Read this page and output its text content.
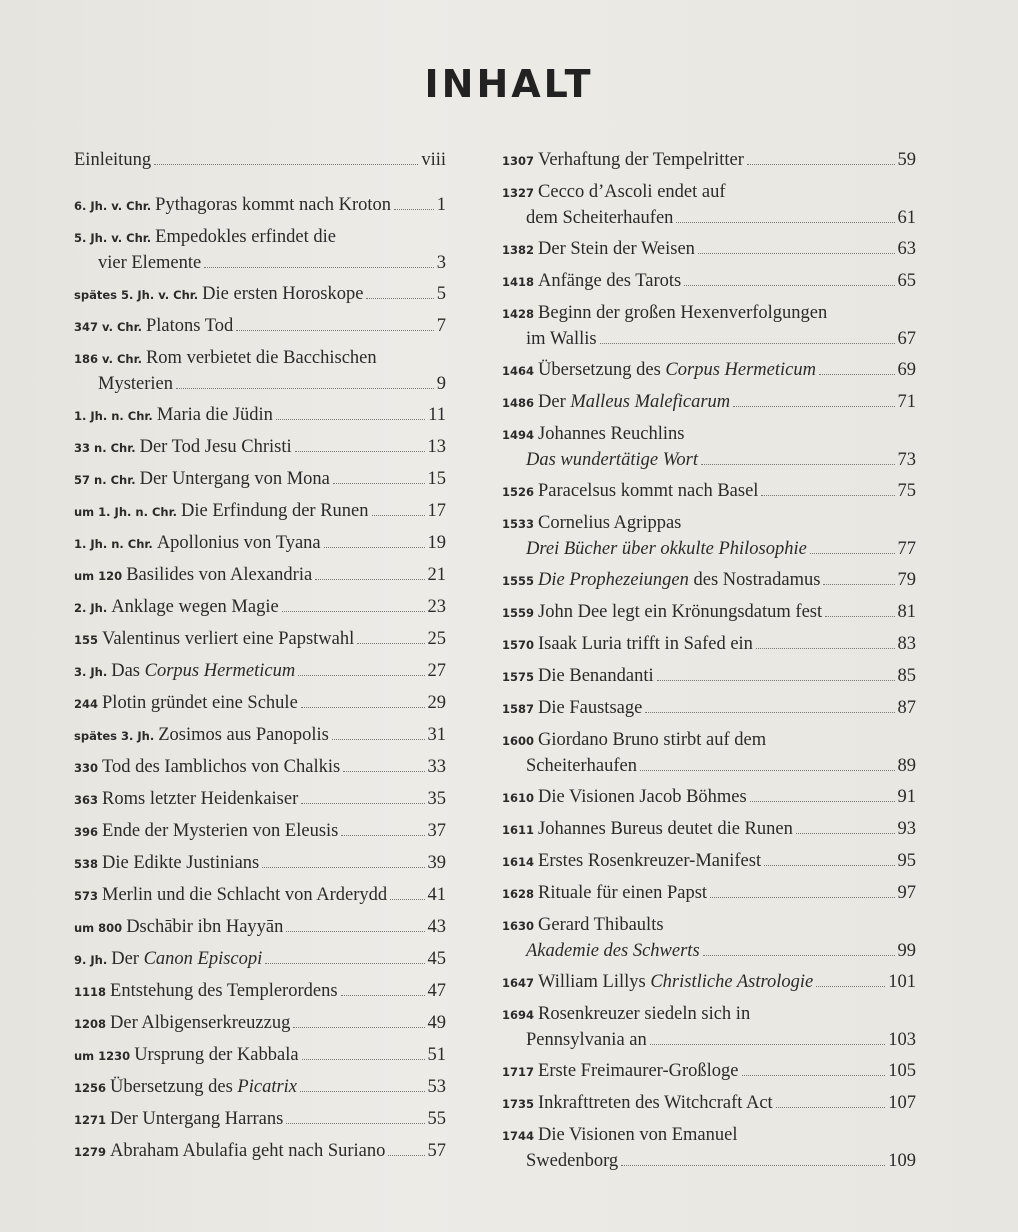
INHALT
Einleitung	viii
6. Jh. v. Chr. Pythagoras kommt nach Kroton 1
5. Jh. v. Chr. Empedokles erfindet die
vier Elemente	3
spätes 5. Jh. v. Chr. Die ersten Horoskope	5
347 v. Chr. Platons Tod	7
186 v. Chr. Rom verbietet die Bacchischen
Mysterien	9
1. Jh. n. Chr. Maria die Jüdin	11
33 n. Chr. Der Tod Jesu Christi	13
57 n. Chr. Der Untergang von Mona	15
um 1. Jh. n. Chr. Die Erfindung der Runen	17
1. Jh. n. Chr. Apollonius von Tyana	19
um 120 Basilides von Alexandria	21
2. Jh. Anklage wegen Magie	23
155 Valentinus verliert eine Papstwahl	25
3. Jh. Das Corpus Hermeticum	27
244 Plotin gründet eine Schule	29
spätes 3. Jh. Zosimos aus Panopolis	31
330 Tod des Iamblichos von Chalkis	33
363 Roms letzter Heidenkaiser	35
396 Ende der Mysterien von Eleusis	37
538 Die Edikte Justinians	39
573 Merlin und die Schlacht von Arderydd 41
um 800 Dschābir ibn Hayyān	43
9. Jh. Der Canon Episcopi	45
1118 Entstehung des Templerordens	47
1208 Der Albigenserkreuzzug	49
um 1230 Ursprung der Kabbala	51
1256 Übersetzung des Picatrix	53
1271 Der Untergang Harrans	55
1279 Abraham Abulafia geht nach Suriano 57
1307 Verhaftung der Tempelritter	59
1327 Cecco d’Ascoli endet auf
dem Scheiterhaufen	61
1382 Der Stein der Weisen	63
1418 Anfänge des Tarots	65
1428 Beginn der großen Hexenverfolgungen
im Wallis	67
1464 Übersetzung des Corpus Hermeticum	69
1486 Der Malleus Maleficarum	71
1494 Johannes Reuchlins
Das wundertätige Wort	73
1526 Paracelsus kommt nach Basel	75
1533 Cornelius Agrippas
Drei Bücher über okkulte Philosophie	77
1555 Die Prophezeiungen des Nostradamus	79
1559 John Dee legt ein Krönungsdatum fest	81
1570 Isaak Luria trifft in Safed ein	83
1575 Die Benandanti	85
1587 Die Faustsage	87
1600 Giordano Bruno stirbt auf dem
Scheiterhaufen	89
1610 Die Visionen Jacob Böhmes	91
1611 Johannes Bureus deutet die Runen	93
1614 Erstes Rosenkreuzer-Manifest	95
1628 Rituale für einen Papst	97
1630 Gerard Thibaults
Akademie des Schwerts	99
1647 William Lillys Christliche Astrologie	101
1694 Rosenkreuzer siedeln sich in
Pennsylvania an	103
1717 Erste Freimaurer-Großloge	105
1735 Inkrafttreten des Witchcraft Act	107
1744 Die Visionen von Emanuel
Swedenborg	109
